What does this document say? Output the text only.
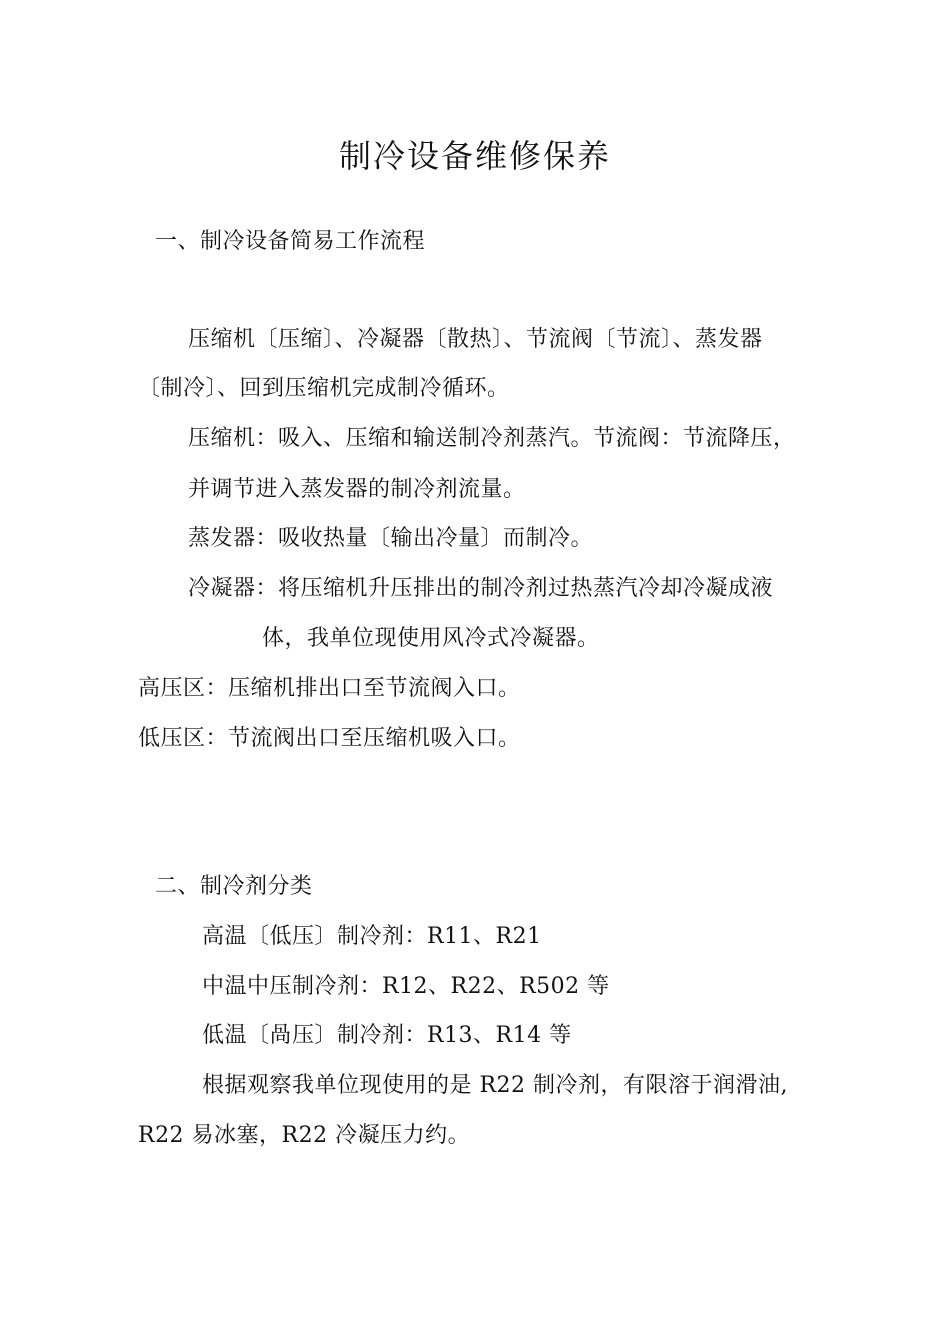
制冷设备维修保养
一、制冷设备简易工作流程
压缩机〔压缩〕、冷凝器〔散热〕、节流阀〔节流〕、蒸发器
〔制冷〕、回到压缩机完成制冷循环。
压缩机：吸入、压缩和输送制冷剂蒸汽。节流阀：节流降压，
并调节进入蒸发器的制冷剂流量。
蒸发器：吸收热量〔输出冷量〕而制冷。
冷凝器：将压缩机升压排出的制冷剂过热蒸汽冷却冷凝成液
体，我单位现使用风冷式冷凝器。
高压区：压缩机排出口至节流阀入口。
低压区：节流阀出口至压缩机吸入口。
二、制冷剂分类
高温〔低压〕制冷剂：R11、R21
中温中压制冷剂：R12、R22、R502 等
低温〔咼压〕制冷剂：R13、R14 等
根据观察我单位现使用的是 R22 制冷剂，有限溶于润滑油,
R22 易冰塞，R22 冷凝压力约。
